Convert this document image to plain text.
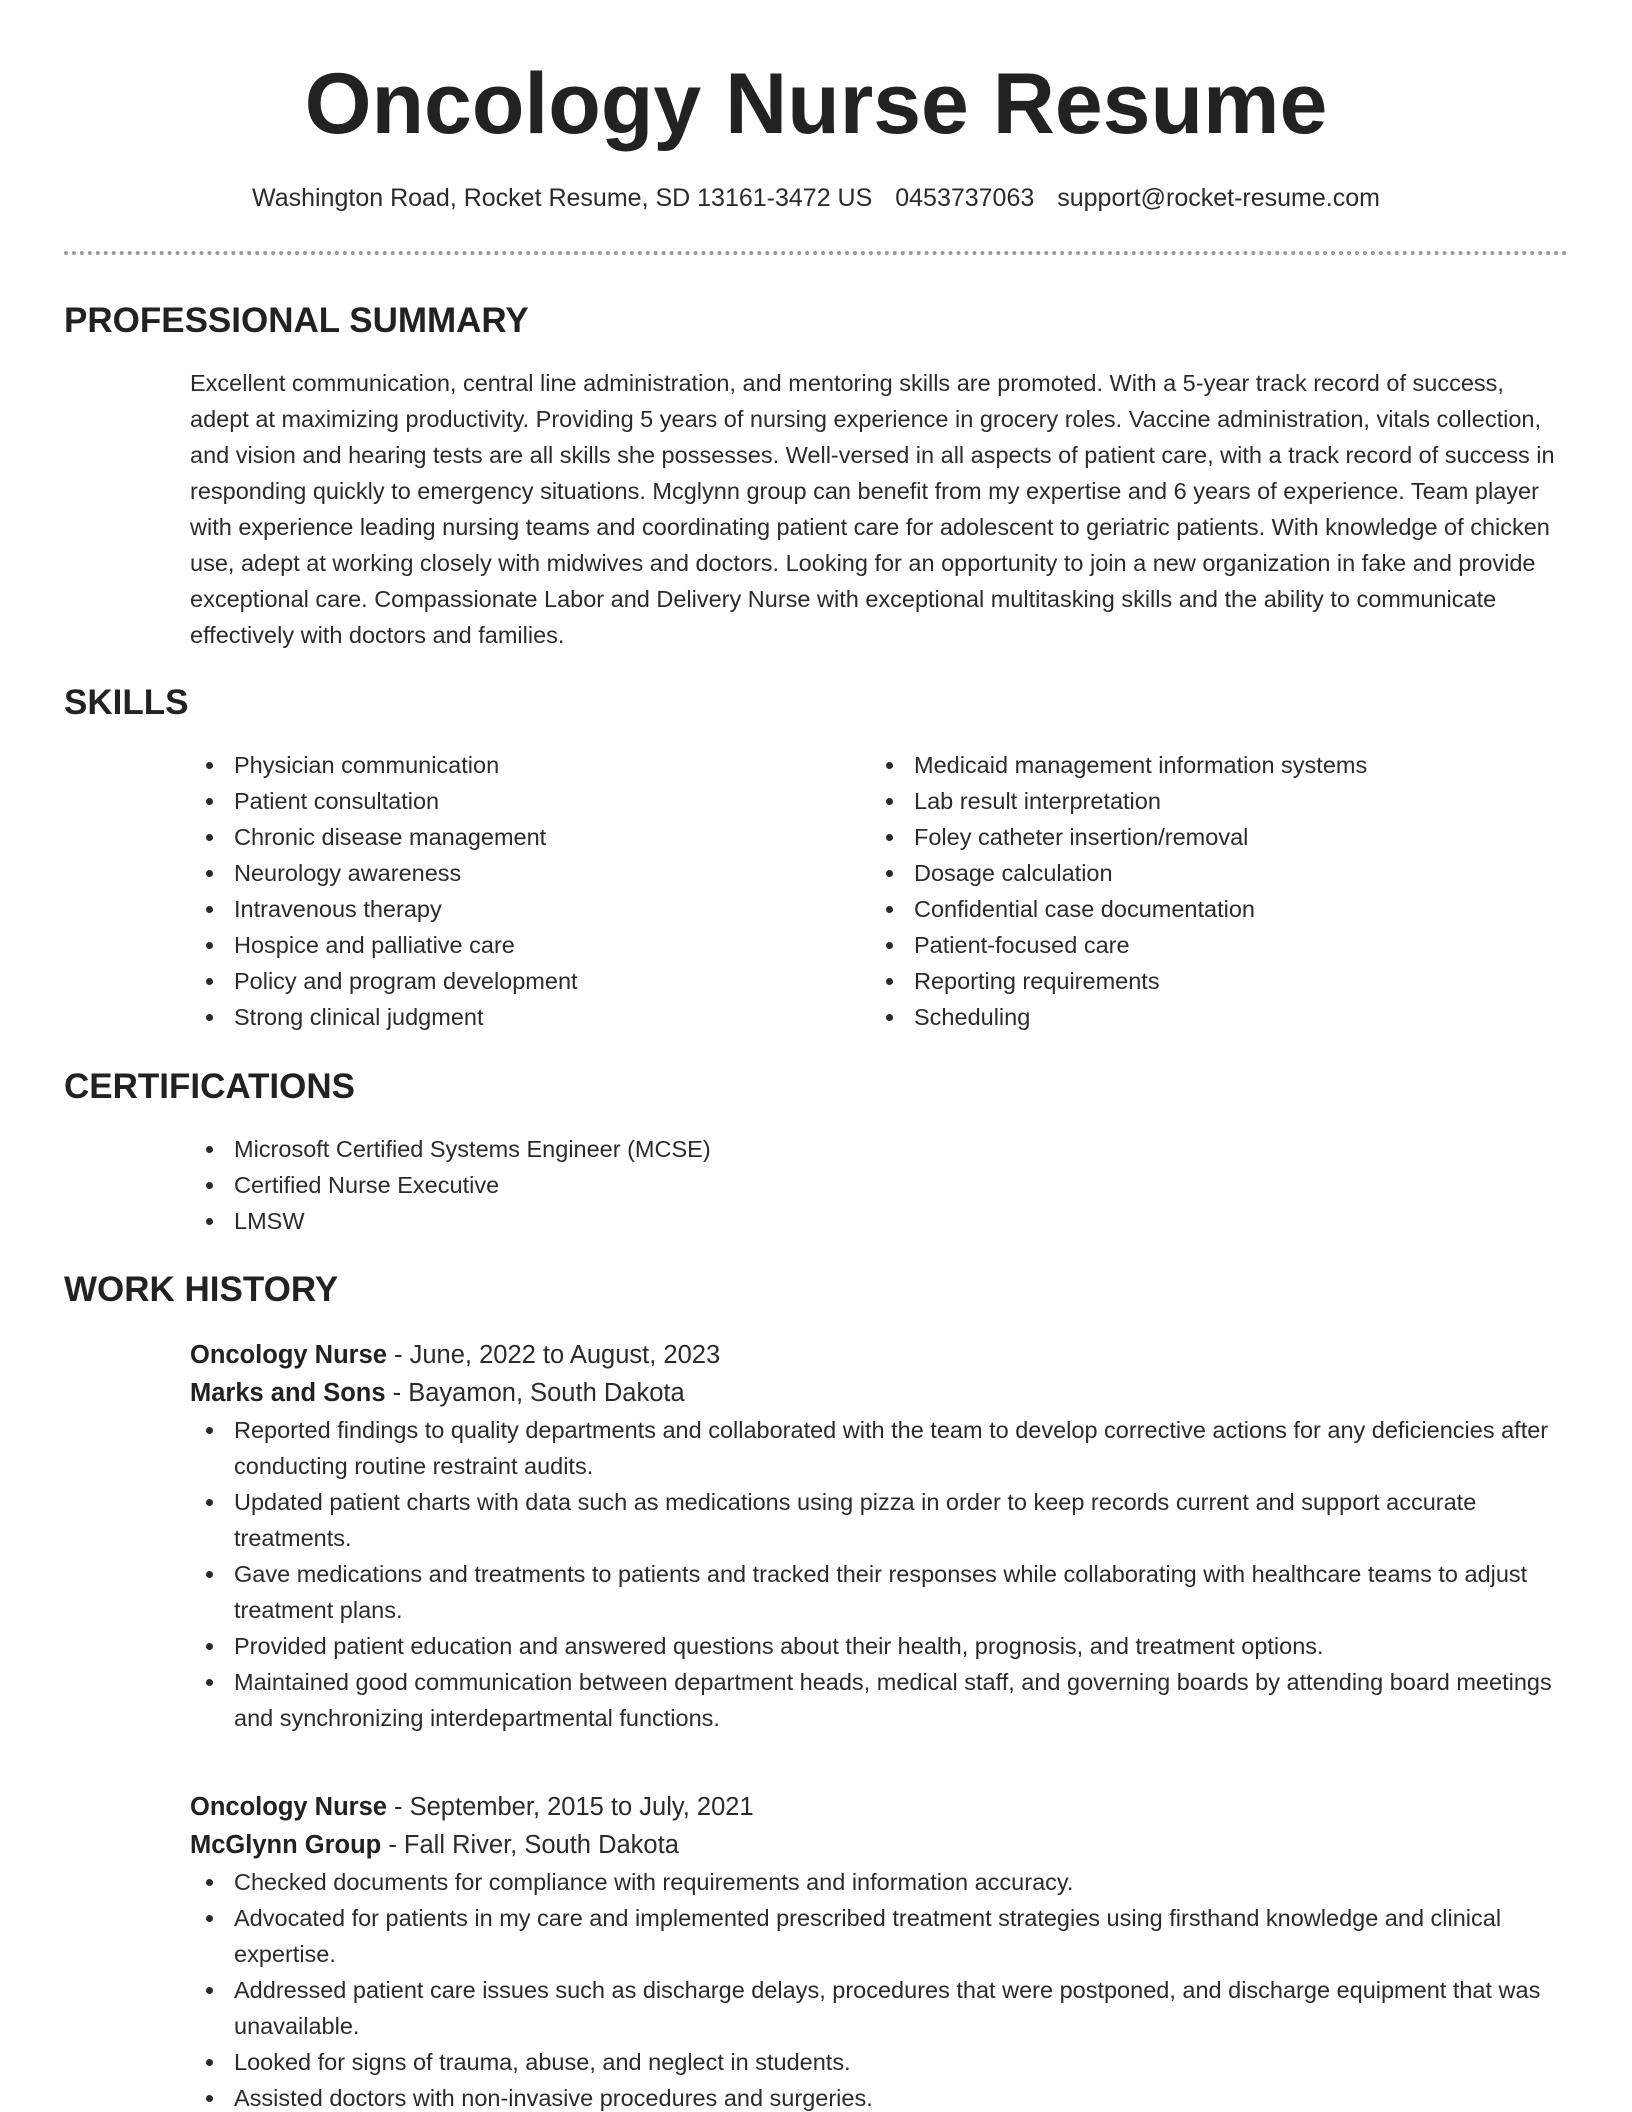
Oncology Nurse Resume
Washington Road, Rocket Resume, SD 13161-3472 US 0453737063 support@rocket-resume.com
PROFESSIONAL SUMMARY

Excellent communication, central line administration, and mentoring skills are promoted. With a 5-year track record of success, adept at maximizing productivity. Providing 5 years of nursing experience in grocery roles. Vaccine administration, vitals collection, and vision and hearing tests are all skills she possesses. Well-versed in all aspects of patient care, with a track record of success in responding quickly to emergency situations. Mcglynn group can benefit from my expertise and 6 years of experience. Team player with experience leading nursing teams and coordinating patient care for adolescent to geriatric patients. With knowledge of chicken use, adept at working closely with midwives and doctors. Looking for an opportunity to join a new organization in fake and provide exceptional care. Compassionate Labor and Delivery Nurse with exceptional multitasking skills and the ability to communicate effectively with doctors and families.

SKILLS
Physician communication
Patient consultation
Chronic disease management
Neurology awareness
Intravenous therapy
Hospice and palliative care
Policy and program development
Strong clinical judgment
Medicaid management information systems
Lab result interpretation
Foley catheter insertion/removal
Dosage calculation
Confidential case documentation
Patient-focused care
Reporting requirements
Scheduling
CERTIFICATIONS
Microsoft Certified Systems Engineer (MCSE)
Certified Nurse Executive
LMSW
WORK HISTORY
Oncology Nurse - June, 2022 to August, 2023
Marks and Sons - Bayamon, South Dakota
Reported findings to quality departments and collaborated with the team to develop corrective actions for any deficiencies after conducting routine restraint audits.
Updated patient charts with data such as medications using pizza in order to keep records current and support accurate treatments.
Gave medications and treatments to patients and tracked their responses while collaborating with healthcare teams to adjust treatment plans.
Provided patient education and answered questions about their health, prognosis, and treatment options.
Maintained good communication between department heads, medical staff, and governing boards by attending board meetings and synchronizing interdepartmental functions.
Oncology Nurse - September, 2015 to July, 2021
McGlynn Group - Fall River, South Dakota
Checked documents for compliance with requirements and information accuracy.
Advocated for patients in my care and implemented prescribed treatment strategies using firsthand knowledge and clinical expertise.
Addressed patient care issues such as discharge delays, procedures that were postponed, and discharge equipment that was unavailable.
Looked for signs of trauma, abuse, and neglect in students.
Assisted doctors with non-invasive procedures and surgeries.
